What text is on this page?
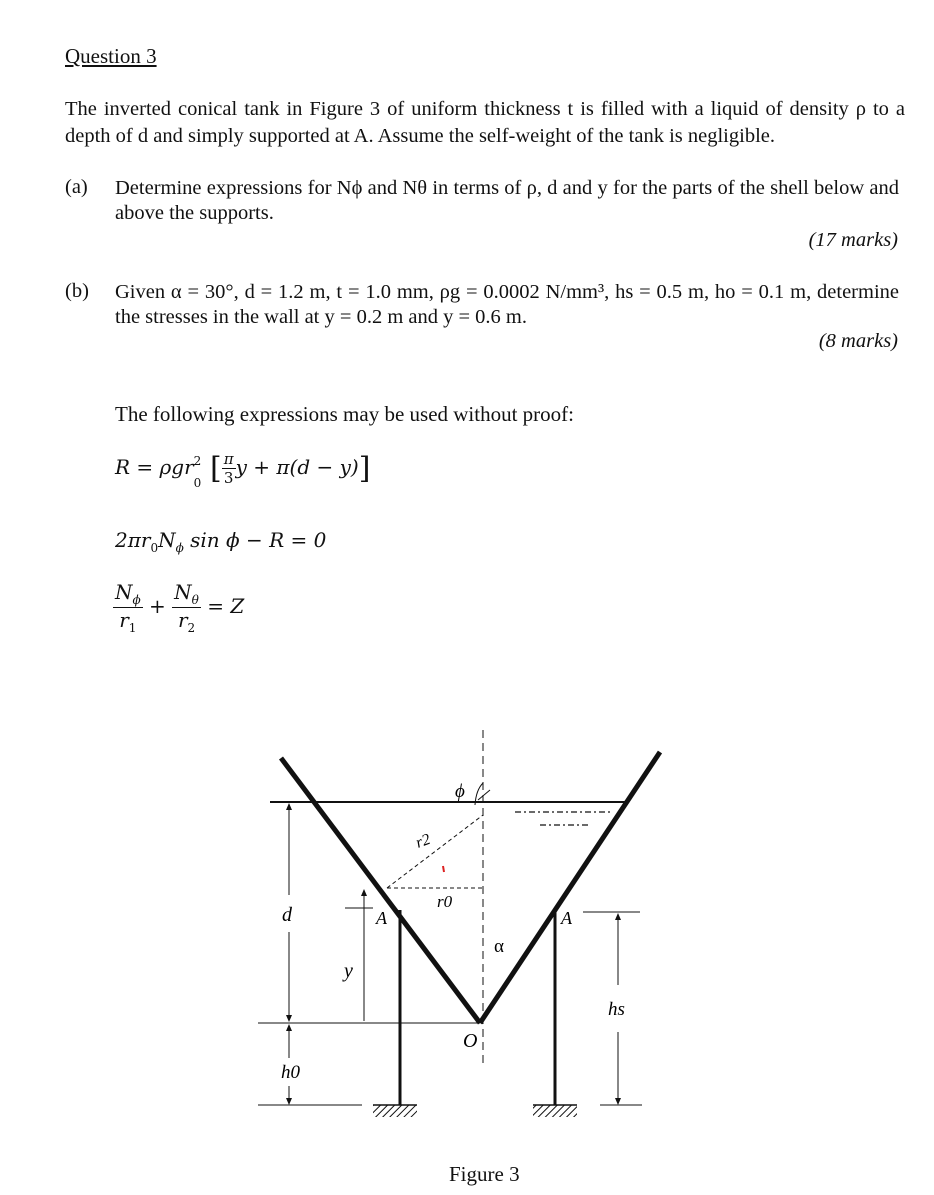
Question 3
The inverted conical tank in Figure 3 of uniform thickness t is filled with a liquid of density ρ to a depth of d and simply supported at A. Assume the self-weight of the tank is negligible.
(a) Determine expressions for Nϕ and Nθ in terms of ρ, d and y for the parts of the shell below and above the supports.
(17 marks)
(b) Given α = 30°, d = 1.2 m, t = 1.0 mm, ρg = 0.0002 N/mm³, hs = 0.5 m, ho = 0.1 m, determine the stresses in the wall at y = 0.2 m and y = 0.6 m.
(8 marks)
The following expressions may be used without proof:
R = ρgr 2
0 [ $\frac{\pi}{3}$ y + π(d − y)]
$2\pi r_0N_\phi$ sin ϕ − R = 0
$\frac{N_\phi}{r_1} + \frac{N_\theta}{r_2} = Z$
d
y
A	A
r2
r0
ϕ
α
O
h0
hs
Figure 3
